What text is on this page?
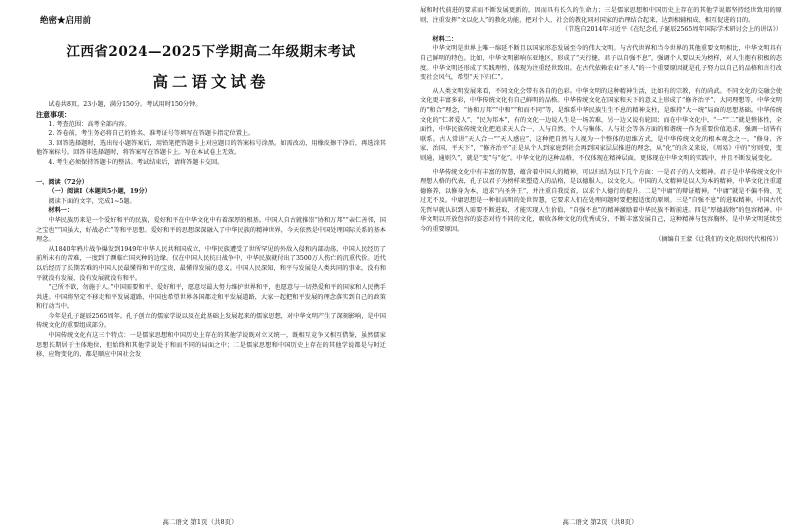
绝密★启用前
江西省2024—2025下学期高二年级期末考试
高二语文试卷

试卷共8页，23小题，满分150分。考试用时150分钟。

注意事项：

1. 考查范围：高考全部内容。

2. 答卷前，考生务必将自己的姓名、准考证号等填写在答题卡指定位置上。

3. 回答选择题时，选出每小题答案后，用铅笔把答题卡上对应题目的答案标号涂黑。如需改动，用橡皮擦干净后，再选涂其他答案标号。回答非选择题时，将答案写在答题卡上。写在本试卷上无效。

4. 考生必须保持答题卡的整洁。考试结束后，请将答题卡交回。

一、阅读（72分）

（一）阅读Ⅰ（本题共5小题，19分）

阅读下面的文字，完成1~5题。

材料一：

中华民族历来是一个爱好和平的民族，爱好和平在中华文化中有着深厚的根基。中国人自古就推崇“协和万邦”“亲仁善邻，国之宝也”“国虽大，好战必亡”等和平思想。爱好和平的思想深深融入了中华民族的精神世界，今天依然是中国处理国际关系的基本理念。

从1840年鸦片战争爆发到1949年中华人民共和国成立，中华民族遭受了世所罕见的外敌入侵和内部动荡，中国人民经历了前所未有的苦难，一度到了濒临亡国灭种的边缘。仅在中国人民抗日战争中，中华民族就付出了3500万人伤亡的沉重代价。近代以后经历了长期苦难的中国人民最懂得和平的宝贵，最懂得发展的意义。中国人民深知，和平与发展是人类共同的事业，没有和平就没有发展，没有发展就没有和平。

“己所不欲，勿施于人。”中国需要和平、爱好和平，愿意尽最大努力维护世界和平，也愿意与一切热爱和平的国家和人民携手共进。中国将坚定不移走和平发展道路，中国也希望世界各国都走和平发展道路，大家一起把和平发展的理念落实到自己的政策和行动当中。

今年是孔子诞辰2565周年。孔子创立的儒家学说以及在此基础上发展起来的儒家思想，对中华文明产生了深刻影响，是中国传统文化的重要组成部分。

中国传统文化有这三个特点：一是儒家思想和中国历史上存在的其他学说既对立又统一，既相互竞争又相互借鉴，虽然儒家思想长期居于主体地位，但始终和其他学说处于和而不同的局面之中；二是儒家思想和中国历史上存在的其他学说都是与时迁移、应物变化的，都是顺应中国社会发

高二语文 第1页（共8页）

展和时代前进的要求而不断发展更新的，因而具有长久的生命力；三是儒家思想和中国历史上存在的其他学说都坚持经世致用的原则，注重发挥“文以化人”的教化功能，把对个人、社会的教化同对国家的治理结合起来，达到相辅相成、相互促进的目的。

（节选自2014年习近平《在纪念孔子诞辰2565周年国际学术研讨会上的讲话》）

材料二：

中华文明是世界上唯一绵延不断且以国家形态发展至今的伟大文明。与古代世界和当今世界的其他重要文明相比，中华文明具有自己鲜明的特色。比如，中华文明影响东亚地区，形成了“天行健，君子以自强不息”，强调个人要以天为榜样，对人生抱有积极的态度。中华文明还形成了实践理性，体现为注重经世致用。在古代依赖农业“圣人”的一个重要原因就是孔子努力以自己的品格和言行改变社会风气，希望“天下归仁”。

从人类文明发展来看，不同文化会带有各自的色彩。中华文明的这种精神生活，比如有的宗教，有的尚武。不同文化的交融会使文化更丰富多彩，中华传统文化有自己鲜明的品格。中华传统文化在国家和天下的意义上形成了“修齐治平”、大同理想等，中华文明的“和合”理念，“协和万邦”“中和”“和而不同”等，是维系中华民族生生不息的精神支柱，是维持“大一统”局面的思想基础。中华传统文化的“仁者爱人”、“民为邦本”，有的文化一边说人生是一场苦难，另一边又说有轮回；而在中华文化中，“一”“二”就是整体性，全面性，中华民族传统文化把追求天人合一、人与自然、个人与集体、人与社会等各方面的和谐统一作为重要价值追求，强调一切皆有联系。古人常讲“天人合一”“天人感应”，这种把自然与人视为一个整体的思维方式，是中华传统文化的根本观念之一。“修身、齐家、治国、平天下”，“修齐治平”正是从个人到家庭到社会再到国家层层推进的理念，从“化”的含义来说，《周易》中的“穷则变，变则通，通则久”，就是“变”与“化”。中华文化的这种品格，不仅体现在精神层面，更体现在中华文明的实践中，并且不断发展变化。

中华传统文化中有丰富的智慧，蕴含着中国人的精神，可以归结为以下几个方面：一是君子的人文精神。君子是中华传统文化中理想人格的代表，孔子以君子为榜样来塑造人的品格，是以德服人、以文化人。中国的人文精神是以人为本的精神，中华文化注重道德修养，以修身为本，追求“内圣外王”，并注重自我反省，以求个人德行的提升。二是“中庸”的辩证精神。“中庸”就是不偏不倚、无过无不及。中庸思想是一种很高明的处世智慧，它要求人们在处理问题时要把握适度的原则。三是“自强不息”的进取精神。中国古代先哲早就认识到人需要不断进取，才能实现人生价值，“自强不息”的精神激励着中华民族不断前进。四是“厚德载物”的包容精神。中华文明以开放包容的姿态对待不同的文化，吸收各种文化的优秀成分，不断丰富发展自己，这种精神与包容胸怀，是中华文明延续至今的重要原因。

（摘编自王蒙《让我们的文化基因代代相传》）

高二语文 第2页（共8页）
